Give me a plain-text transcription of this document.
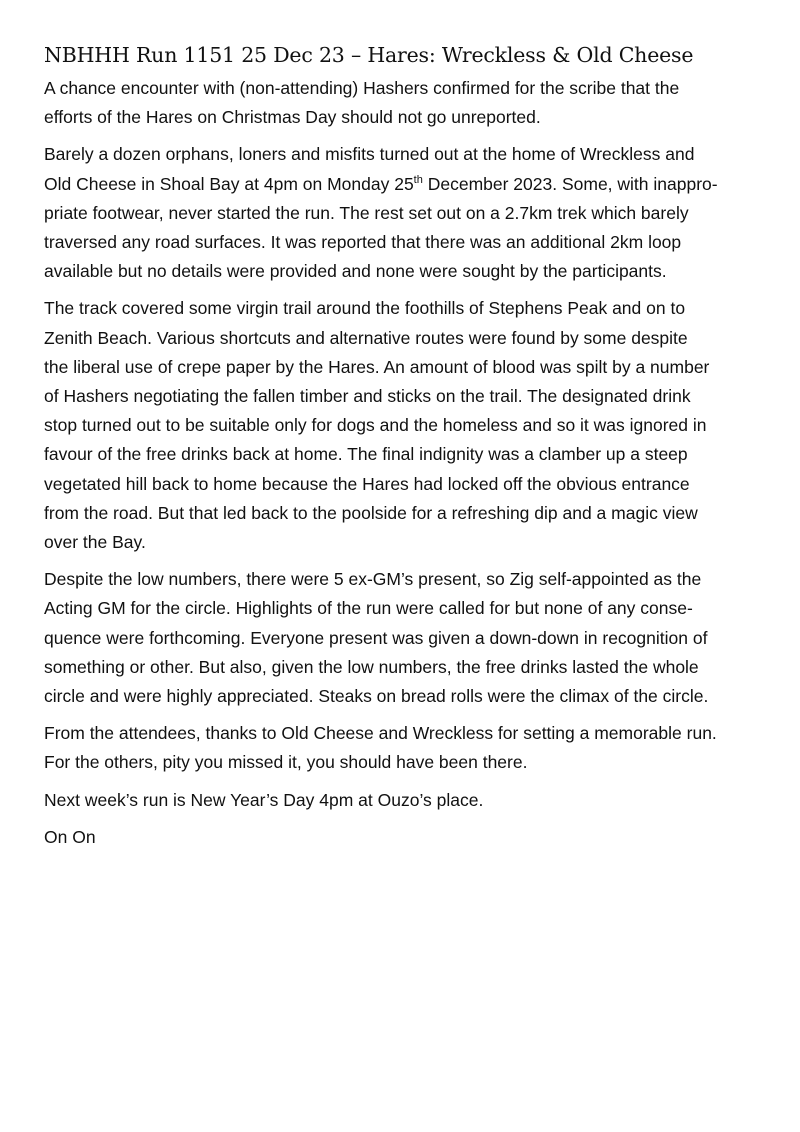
NBHHH Run 1151 25 Dec 23 – Hares: Wreckless & Old Cheese

A chance encounter with (non-attending) Hashers confirmed for the scribe that the
efforts of the Hares on Christmas Day should not go unreported.

Barely a dozen orphans, loners and misfits turned out at the home of Wreckless and
Old Cheese in Shoal Bay at 4pm on Monday 25th December 2023. Some, with inappro-
priate footwear, never started the run. The rest set out on a 2.7km trek which barely
traversed any road surfaces. It was reported that there was an additional 2km loop
available but no details were provided and none were sought by the participants.

The track covered some virgin trail around the foothills of Stephens Peak and on to
Zenith Beach. Various shortcuts and alternative routes were found by some despite
the liberal use of crepe paper by the Hares. An amount of blood was spilt by a number
of Hashers negotiating the fallen timber and sticks on the trail. The designated drink
stop turned out to be suitable only for dogs and the homeless and so it was ignored in
favour of the free drinks back at home. The final indignity was a clamber up a steep
vegetated hill back to home because the Hares had locked off the obvious entrance
from the road. But that led back to the poolside for a refreshing dip and a magic view
over the Bay.

Despite the low numbers, there were 5 ex-GM’s present, so Zig self-appointed as the
Acting GM for the circle. Highlights of the run were called for but none of any conse-
quence were forthcoming. Everyone present was given a down-down in recognition of
something or other. But also, given the low numbers, the free drinks lasted the whole
circle and were highly appreciated. Steaks on bread rolls were the climax of the circle.

From the attendees, thanks to Old Cheese and Wreckless for setting a memorable run.
For the others, pity you missed it, you should have been there.

Next week’s run is New Year’s Day 4pm at Ouzo’s place.

On On
